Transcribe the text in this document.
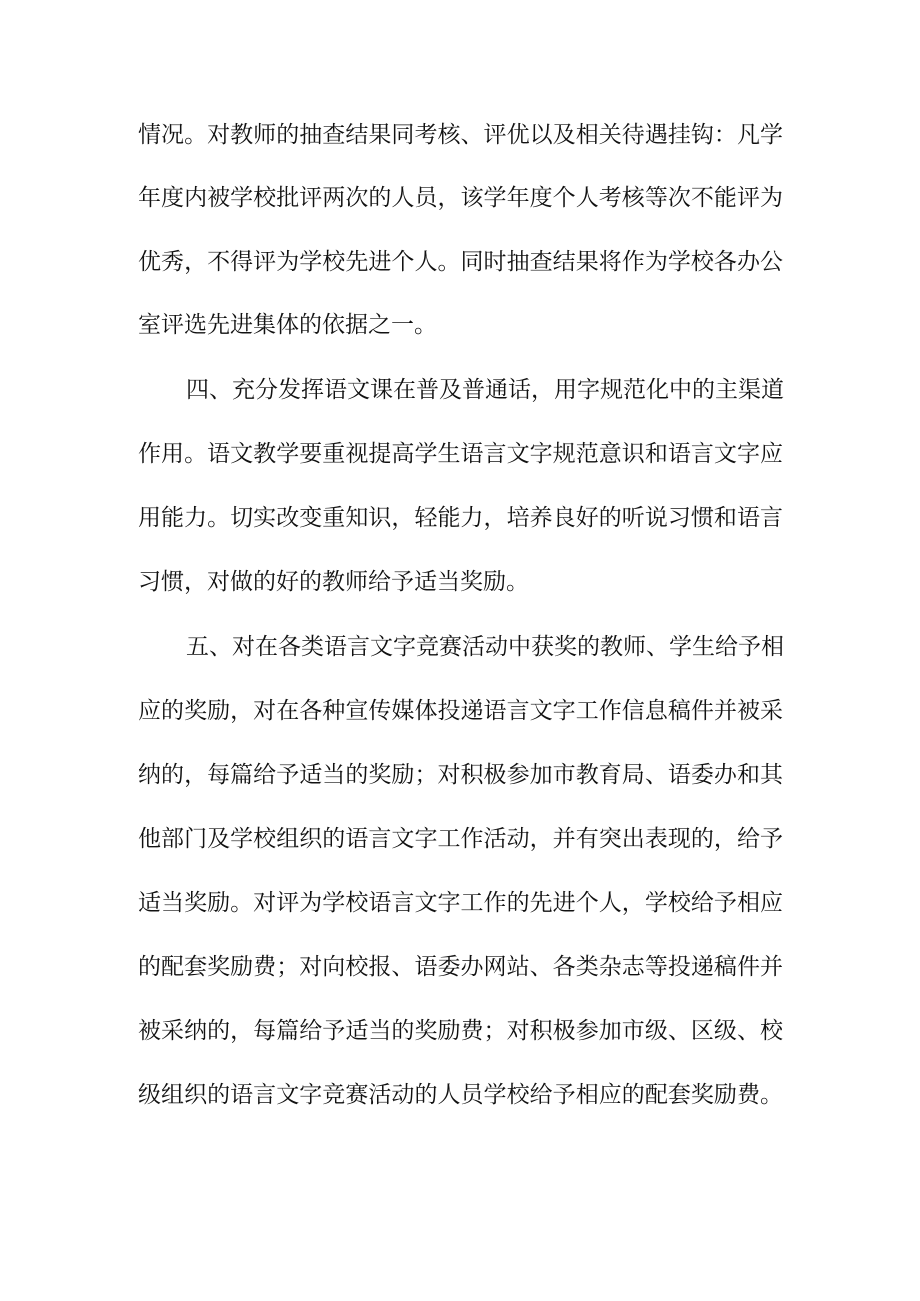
情况。对教师的抽查结果同考核、评优以及相关待遇挂钩：凡学
年度内被学校批评两次的人员，该学年度个人考核等次不能评为
优秀，不得评为学校先进个人。同时抽查结果将作为学校各办公
室评选先进集体的依据之一。
四、充分发挥语文课在普及普通话，用字规范化中的主渠道
作用。语文教学要重视提高学生语言文字规范意识和语言文字应
用能力。切实改变重知识，轻能力，培养良好的听说习惯和语言
习惯，对做的好的教师给予适当奖励。
五、对在各类语言文字竞赛活动中获奖的教师、学生给予相
应的奖励，对在各种宣传媒体投递语言文字工作信息稿件并被采
纳的，每篇给予适当的奖励；对积极参加市教育局、语委办和其
他部门及学校组织的语言文字工作活动，并有突出表现的，给予
适当奖励。对评为学校语言文字工作的先进个人，学校给予相应
的配套奖励费；对向校报、语委办网站、各类杂志等投递稿件并
被采纳的，每篇给予适当的奖励费；对积极参加市级、区级、校
级组织的语言文字竞赛活动的人员学校给予相应的配套奖励费。
